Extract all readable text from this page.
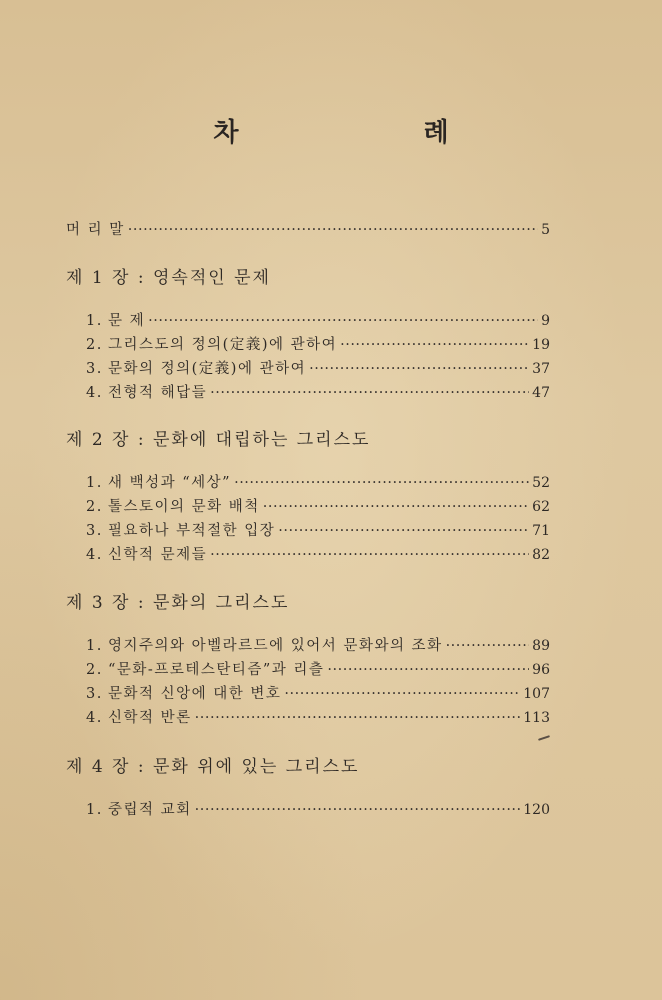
차 례
머 리 말 ·····	5
제 1 장 : 영속적인 문제
1. 문 제 ·····	9
2. 그리스도의 정의(定義)에 관하여 ·····	19
3. 문화의 정의(定義)에 관하여 ·····	37
4. 전형적 해답들 ·····	47
제 2 장 : 문화에 대립하는 그리스도
1. 새 백성과 “세상” ·····	52
2. 톨스토이의 문화 배척 ·····	62
3. 필요하나 부적절한 입장 ·····	71
4. 신학적 문제들 ·····	82
제 3 장 : 문화의 그리스도
1. 영지주의와 아벨라르드에 있어서 문화와의 조화 ·····	89
2. “문화-프로테스탄티즘”과 리츨 ·····	96
3. 문화적 신앙에 대한 변호 ·····	107
4. 신학적 반론 ·····	113
제 4 장 : 문화 위에 있는 그리스도
1. 중립적 교회 ·····	120
